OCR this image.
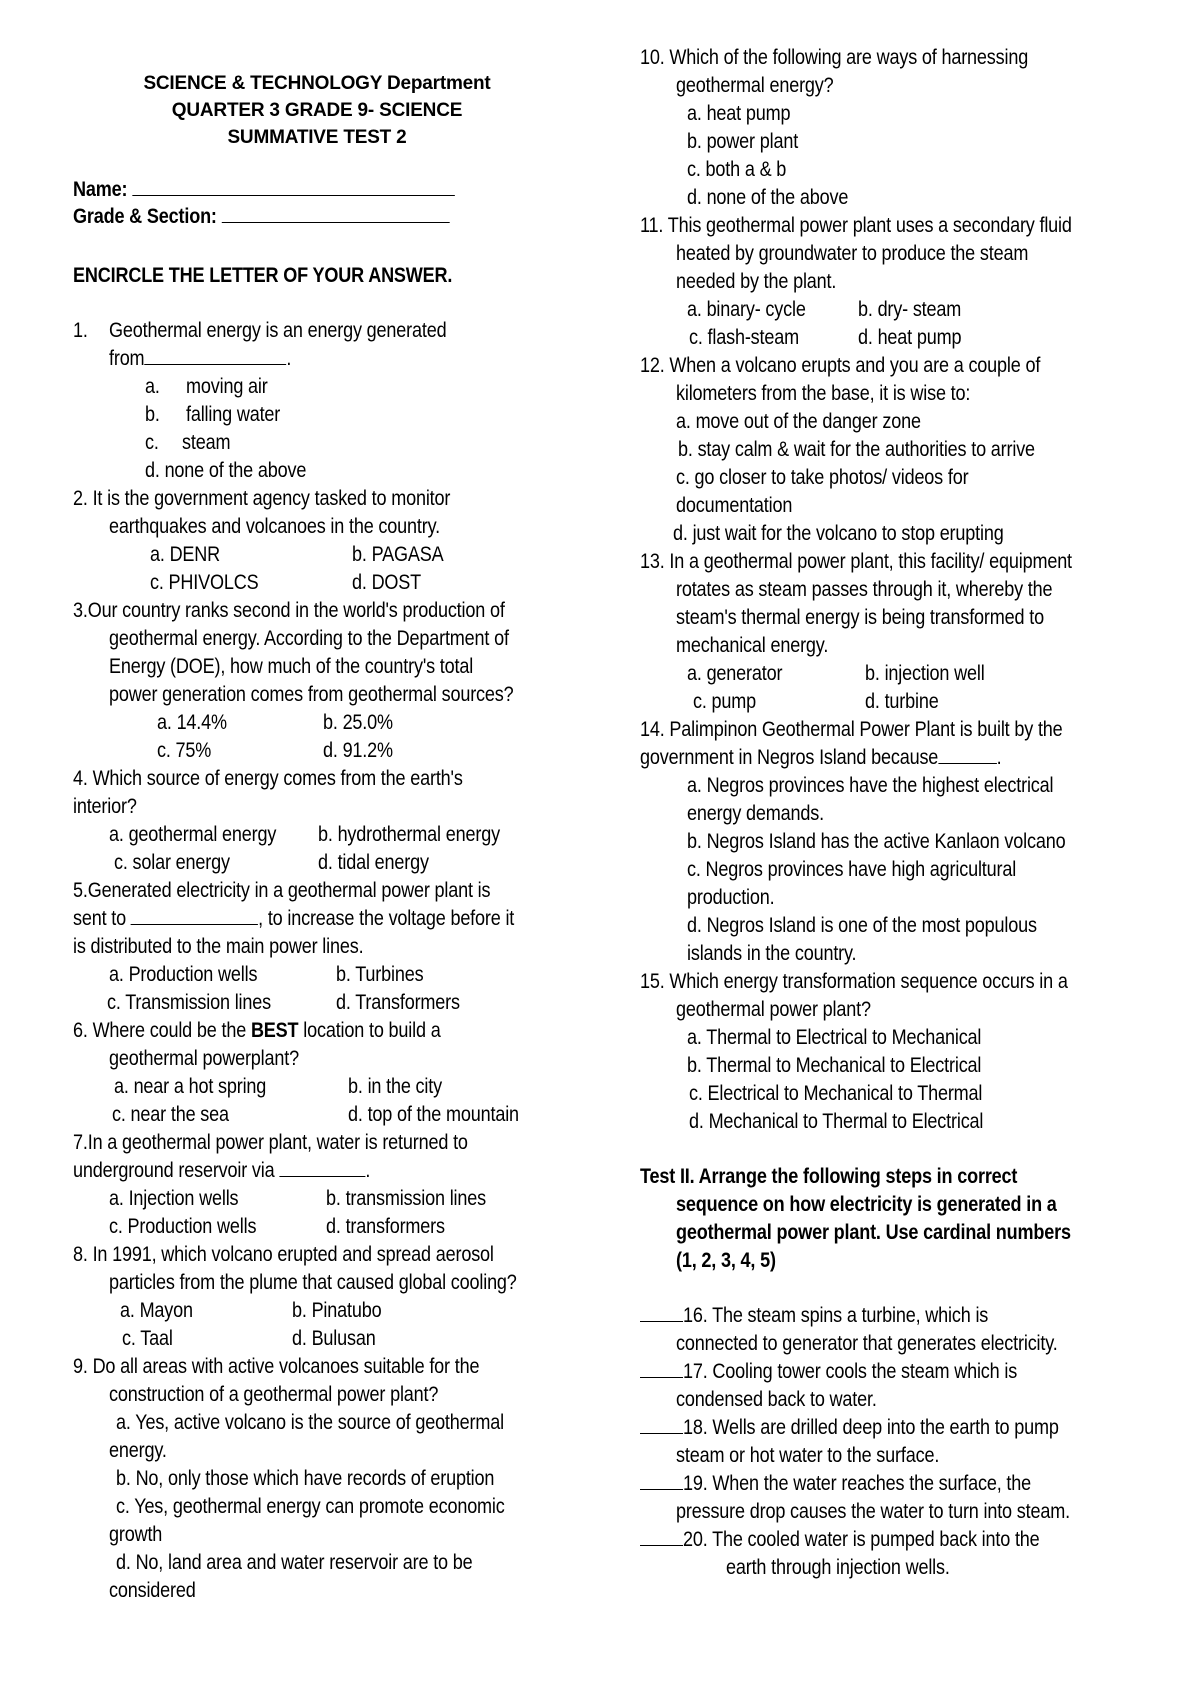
SCIENCE & TECHNOLOGY Department
QUARTER 3 GRADE 9- SCIENCE
SUMMATIVE TEST 2
Name:
Grade & Section:
ENCIRCLE THE LETTER OF YOUR ANSWER.
1. Geothermal energy is an energy generated
from	.
a. moving air
b. falling water
c. steam
d. none of the above
2. It is the government agency tasked to monitor
earthquakes and volcanoes in the country.
a. DENR	b. PAGASA
c. PHIVOLCS	d. DOST
3.Our country ranks second in the world's production of
geothermal energy. According to the Department of
Energy (DOE), how much of the country's total
power generation comes from geothermal sources?
a. 14.4%	b. 25.0%
c. 75%	d. 91.2%
4. Which source of energy comes from the earth's
interior?
a. geothermal energy b. hydrothermal energy
c. solar energy	d. tidal energy
5.Generated electricity in a geothermal power plant is
sent to	, to increase the voltage before it
is distributed to the main power lines.
a. Production wells	b. Turbines
c. Transmission lines	d. Transformers
6. Where could be the BEST location to build a
geothermal powerplant?
a. near a hot spring	b. in the city
c. near the sea	d. top of the mountain
7.In a geothermal power plant, water is returned to
underground reservoir via	.
a. Injection wells	b. transmission lines
c. Production wells	d. transformers
8. In 1991, which volcano erupted and spread aerosol
particles from the plume that caused global cooling?
a. Mayon	b. Pinatubo
c. Taal	d. Bulusan
9. Do all areas with active volcanoes suitable for the
construction of a geothermal power plant?
a. Yes, active volcano is the source of geothermal
energy.
b. No, only those which have records of eruption
c. Yes, geothermal energy can promote economic
growth
d. No, land area and water reservoir are to be
considered
10. Which of the following are ways of harnessing
geothermal energy?
a. heat pump
b. power plant
c. both a & b
d. none of the above
11. This geothermal power plant uses a secondary fluid
heated by groundwater to produce the steam
needed by the plant.
a. binary- cycle b. dry- steam
c. flash-steam	d. heat pump
12. When a volcano erupts and you are a couple of
kilometers from the base, it is wise to:
a. move out of the danger zone
b. stay calm & wait for the authorities to arrive
c. go closer to take photos/ videos for
documentation
d. just wait for the volcano to stop erupting
13. In a geothermal power plant, this facility/ equipment
rotates as steam passes through it, whereby the
steam's thermal energy is being transformed to
mechanical energy.
a. generator	b. injection well
c. pump	d. turbine
14. Palimpinon Geothermal Power Plant is built by the
government in Negros Island because	.
a. Negros provinces have the highest electrical
energy demands.
b. Negros Island has the active Kanlaon volcano
c. Negros provinces have high agricultural
production.
d. Negros Island is one of the most populous
islands in the country.
15. Which energy transformation sequence occurs in a
geothermal power plant?
a. Thermal to Electrical to Mechanical
b. Thermal to Mechanical to Electrical
c. Electrical to Mechanical to Thermal
d. Mechanical to Thermal to Electrical
Test II. Arrange the following steps in correct
sequence on how electricity is generated in a
geothermal power plant. Use cardinal numbers
(1, 2, 3, 4, 5)
16. The steam spins a turbine, which is
connected to generator that generates electricity.
17. Cooling tower cools the steam which is
condensed back to water.
18. Wells are drilled deep into the earth to pump
steam or hot water to the surface.
19. When the water reaches the surface, the
pressure drop causes the water to turn into steam.
20. The cooled water is pumped back into the
earth through injection wells.
